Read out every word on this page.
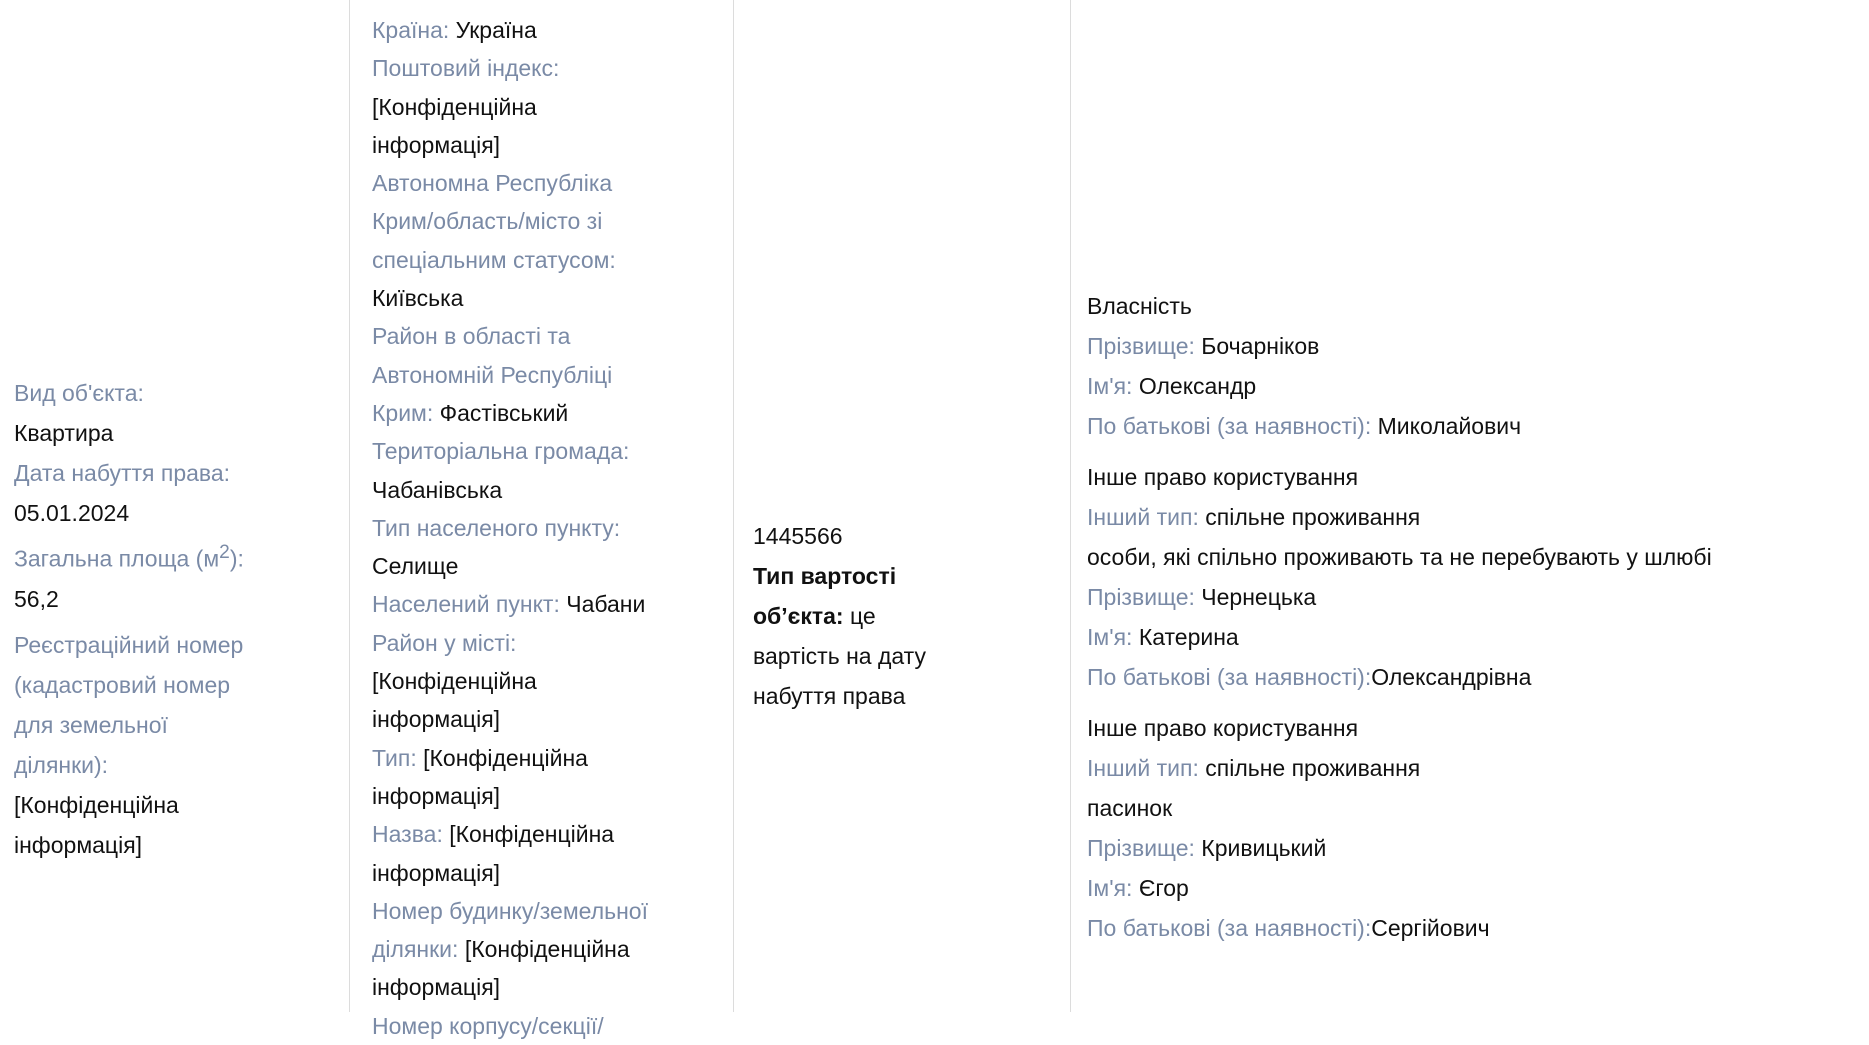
Вид об'єкта:
Квартира
Дата набуття права:
05.01.2024
Загальна площа $(м^2)$:
56,2
Реєстраційний номер
(кадастровий номер
для земельної
ділянки):
[Конфіденційна
інформація]
Країна: Україна
Поштовий індекс:
[Конфіденційна
інформація]
Автономна Республіка
Крим/область/місто зі
спеціальним статусом:
Київська
Район в області та
Автономній Республіці
Крим: Фастівський
Територіальна громада:
Чабанівська
Тип населеного пункту:
Селище
Населений пункт: Чабани
Район у місті:
[Конфіденційна
інформація]
Тип: [Конфіденційна
інформація]
Назва: [Конфіденційна
інформація]
Номер будинку/земельної
ділянки: [Конфіденційна
інформація]
Номер корпусу/секції/
1445566
Тип вартості
об’єкта: це
вартість на дату
набуття права
Власність
Прізвище: Бочарніков
Ім'я: Олександр
По батькові (за наявності): Миколайович
Інше право користування
Інший тип: спільне проживання
особи, які спільно проживають та не перебувають у шлюбі
Прізвище: Чернецька
Ім'я: Катерина
По батькові (за наявності):Олександрівна
Інше право користування
Інший тип: спільне проживання
пасинок
Прізвище: Кривицький
Ім'я: Єгор
По батькові (за наявності):Сергійович
